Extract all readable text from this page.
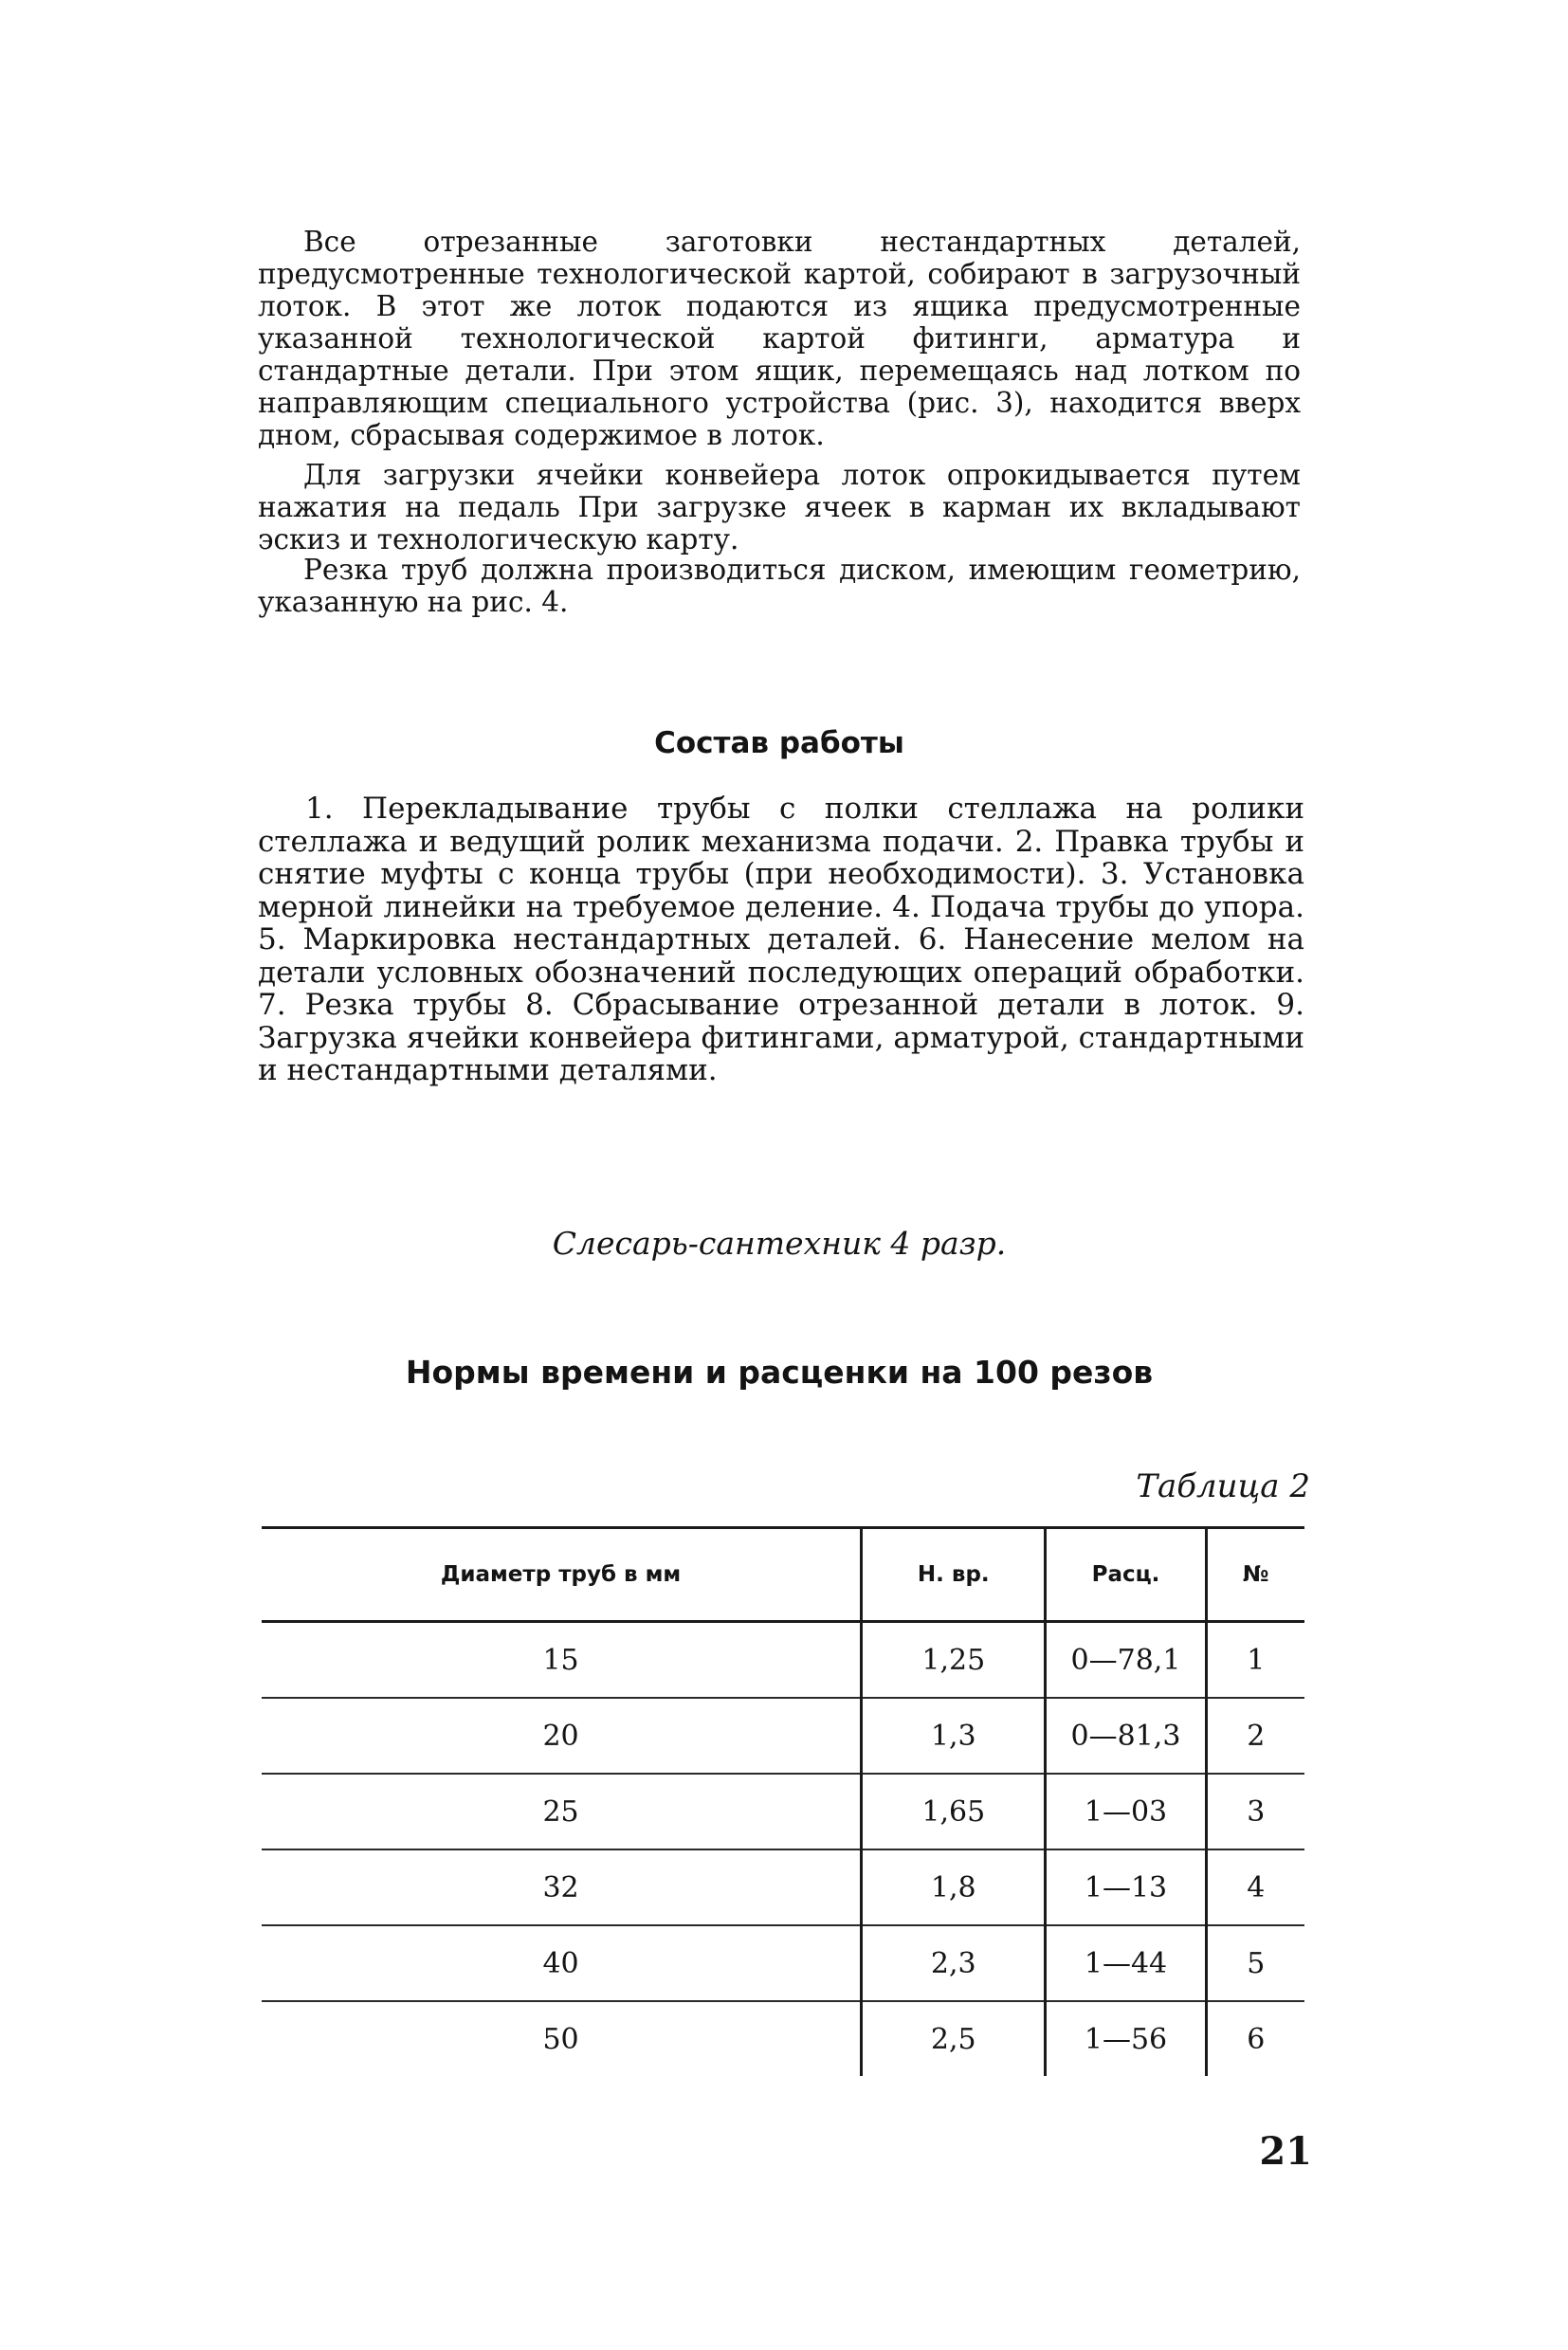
Все отрезанные заготовки нестандартных деталей, предусмотренные технологической картой, собирают в загрузочный лоток. В этот же лоток подаются из ящика предусмотренные указанной технологической картой фитинги, арматура и стандартные детали. При этом ящик, перемещаясь над лотком по направляющим специального устройства (рис. 3), находится вверх дном, сбрасывая содержимое в лоток.

Для загрузки ячейки конвейера лоток опрокидывается путем нажатия на педаль При загрузке ячеек в карман их вкладывают эскиз и технологическую карту.

Резка труб должна производиться диском, имеющим геометрию, указанную на рис. 4.

Состав работы

1. Перекладывание трубы с полки стеллажа на ролики стеллажа и ведущий ролик механизма подачи. 2. Правка трубы и снятие муфты с конца трубы (при необходимости). 3. Установка мерной линейки на требуемое деление. 4. Подача трубы до упора. 5. Маркировка нестандартных деталей. 6. Нанесение мелом на детали условных обозначений последующих операций обработки. 7. Резка трубы 8. Сбрасывание отрезанной детали в лоток. 9. Загрузка ячейки конвейера фитингами, арматурой, стандартными и нестандартными деталями.

Слесарь-сантехник 4 разр.
Нормы времени и расценки на 100 резов

Таблица 2

Диаметр труб в мм	Н. вр.	Расц.	№
15	1,25	0—78,1	1
20	1,3	0—81,3	2
25	1,65	1—03	3
32	1,8	1—13	4
40	2,3	1—44	5
50	2,5	1—56	6

21
